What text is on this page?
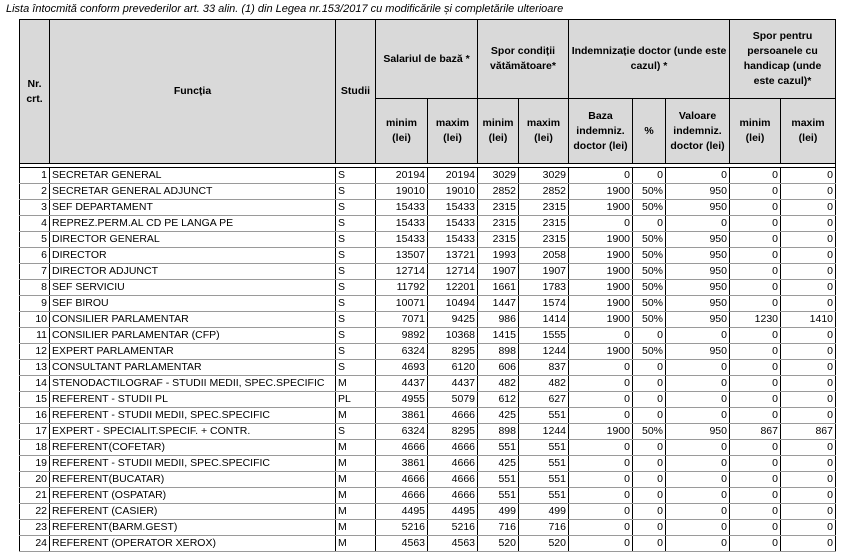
Lista întocmită conform prevederilor art. 33 alin. (1) din Legea nr.153/2017 cu modificările și completările ulterioare
Nr. crt.	Funcția	Studii	Salariul de bază *		Spor condiții vătămătoare*		Indemnizație doctor (unde este cazul) *			Spor pentru persoanele cu handicap (unde este cazul)*	
			minim (lei)	maxim (lei)	minim (lei)	maxim (lei)	Baza indemniz. doctor (lei)	%	Valoare indemniz. doctor (lei)	minim (lei)	maxim (lei)

1	SECRETAR GENERAL	S	20194	20194	3029	3029	0	0	0	0	0
2	SECRETAR GENERAL ADJUNCT	S	19010	19010	2852	2852	1900	50%	950	0	0
3	SEF DEPARTAMENT	S	15433	15433	2315	2315	1900	50%	950	0	0
4	REPREZ.PERM.AL CD PE LANGA PE	S	15433	15433	2315	2315	0	0	0	0	0
5	DIRECTOR GENERAL	S	15433	15433	2315	2315	1900	50%	950	0	0
6	DIRECTOR	S	13507	13721	1993	2058	1900	50%	950	0	0
7	DIRECTOR ADJUNCT	S	12714	12714	1907	1907	1900	50%	950	0	0
8	SEF SERVICIU	S	11792	12201	1661	1783	1900	50%	950	0	0
9	SEF BIROU	S	10071	10494	1447	1574	1900	50%	950	0	0
10	CONSILIER PARLAMENTAR	S	7071	9425	986	1414	1900	50%	950	1230	1410
11	CONSILIER PARLAMENTAR (CFP)	S	9892	10368	1415	1555	0	0	0	0	0
12	EXPERT PARLAMENTAR	S	6324	8295	898	1244	1900	50%	950	0	0
13	CONSULTANT PARLAMENTAR	S	4693	6120	606	837	0	0	0	0	0
14	STENODACTILOGRAF - STUDII MEDII, SPEC.SPECIFIC	M	4437	4437	482	482	0	0	0	0	0
15	REFERENT - STUDII PL	PL	4955	5079	612	627	0	0	0	0	0
16	REFERENT - STUDII MEDII, SPEC.SPECIFIC	M	3861	4666	425	551	0	0	0	0	0
17	EXPERT - SPECIALIT.SPECIF. + CONTR.	S	6324	8295	898	1244	1900	50%	950	867	867
18	REFERENT(COFETAR)	M	4666	4666	551	551	0	0	0	0	0
19	REFERENT - STUDII MEDII, SPEC.SPECIFIC	M	3861	4666	425	551	0	0	0	0	0
20	REFERENT(BUCATAR)	M	4666	4666	551	551	0	0	0	0	0
21	REFERENT (OSPATAR)	M	4666	4666	551	551	0	0	0	0	0
22	REFERENT (CASIER)	M	4495	4495	499	499	0	0	0	0	0
23	REFERENT(BARM.GEST)	M	5216	5216	716	716	0	0	0	0	0
24	REFERENT (OPERATOR XEROX)	M	4563	4563	520	520	0	0	0	0	0
